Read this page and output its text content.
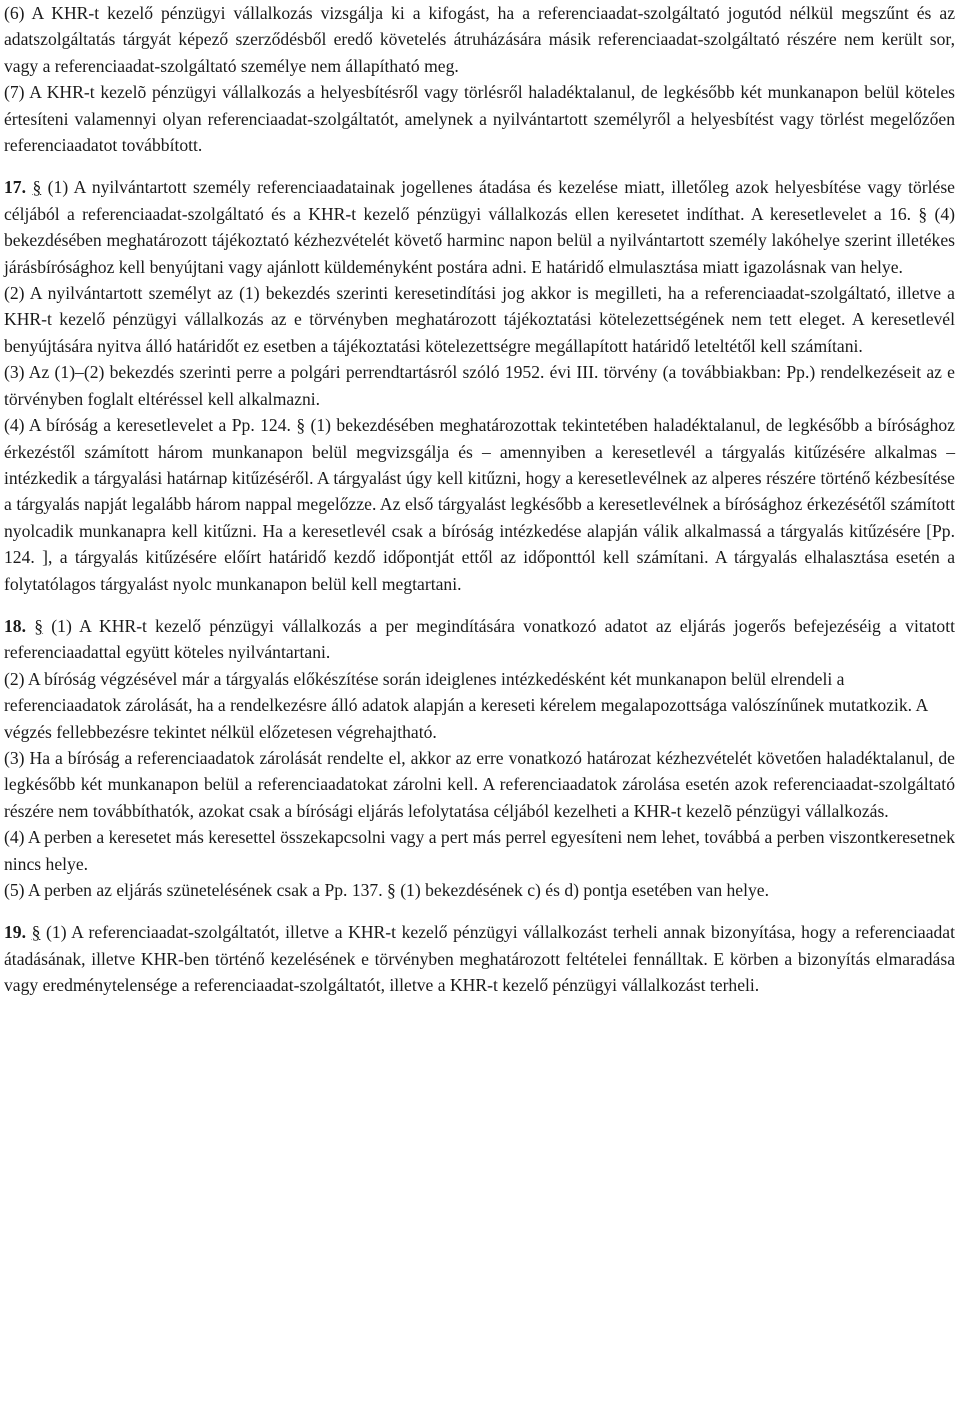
(6) A KHR-t kezelő pénzügyi vállalkozás vizsgálja ki a kifogást, ha a referenciaadat-szolgáltató jogutód nélkül megszűnt és az adatszolgáltatás tárgyát képező szerződésből eredő követelés átruházására másik referenciaadat-szolgáltató részére nem került sor, vagy a referenciaadat-szolgáltató személye nem állapítható meg.

(7) A KHR-t kezelõ pénzügyi vállalkozás a helyesbítésről vagy törlésről haladéktalanul, de legkésőbb két munkanapon belül köteles értesíteni valamennyi olyan referenciaadat-szolgáltatót, amelynek a nyilvántartott személyről a helyesbítést vagy törlést megelőzően referenciaadatot továbbított.

17. § (1) A nyilvántartott személy referenciaadatainak jogellenes átadása és kezelése miatt, illetőleg azok helyesbítése vagy törlése céljából a referenciaadat-szolgáltató és a KHR-t kezelő pénzügyi vállalkozás ellen keresetet indíthat. A keresetlevelet a 16. § (4) bekezdésében meghatározott tájékoztató kézhezvételét követő harminc napon belül a nyilvántartott személy lakóhelye szerint illetékes járásbírósághoz kell benyújtani vagy ajánlott küldeményként postára adni. E határidő elmulasztása miatt igazolásnak van helye.

(2) A nyilvántartott személyt az (1) bekezdés szerinti keresetindítási jog akkor is megilleti, ha a referenciaadat-szolgáltató, illetve a KHR-t kezelő pénzügyi vállalkozás az e törvényben meghatározott tájékoztatási kötelezettségének nem tett eleget. A keresetlevél benyújtására nyitva álló határidőt ez esetben a tájékoztatási kötelezettségre megállapított határidő leteltétől kell számítani.

(3) Az (1)–(2) bekezdés szerinti perre a polgári perrendtartásról szóló 1952. évi III. törvény (a továbbiakban: Pp.) rendelkezéseit az e törvényben foglalt eltéréssel kell alkalmazni.

(4) A bíróság a keresetlevelet a Pp. 124. § (1) bekezdésében meghatározottak tekintetében haladéktalanul, de legkésőbb a bírósághoz érkezéstől számított három munkanapon belül megvizsgálja és – amennyiben a keresetlevél a tárgyalás kitűzésére alkalmas – intézkedik a tárgyalási határnap kitűzéséről. A tárgyalást úgy kell kitűzni, hogy a keresetlevélnek az alperes részére történő kézbesítése a tárgyalás napját legalább három nappal megelőzze. Az első tárgyalást legkésőbb a keresetlevélnek a bírósághoz érkezésétől számított nyolcadik munkanapra kell kitűzni. Ha a keresetlevél csak a bíróság intézkedése alapján válik alkalmassá a tárgyalás kitűzésére [Pp. 124. ], a tárgyalás kitűzésére előírt határidő kezdő időpontját ettől az időponttól kell számítani. A tárgyalás elhalasztása esetén a folytatólagos tárgyalást nyolc munkanapon belül kell megtartani.

18. § (1) A KHR-t kezelő pénzügyi vállalkozás a per megindítására vonatkozó adatot az eljárás jogerős befejezéséig a vitatott referenciaadattal együtt köteles nyilvántartani.

(2) A bíróság végzésével már a tárgyalás előkészítése során ideiglenes intézkedésként két munkanapon belül elrendeli a referenciaadatok zárolását, ha a rendelkezésre álló adatok alapján a kereseti kérelem megalapozottsága valószínűnek mutatkozik. A végzés fellebbezésre tekintet nélkül előzetesen végrehajtható.

(3) Ha a bíróság a referenciaadatok zárolását rendelte el, akkor az erre vonatkozó határozat kézhezvételét követően haladéktalanul, de legkésőbb két munkanapon belül a referenciaadatokat zárolni kell. A referenciaadatok zárolása esetén azok referenciaadat-szolgáltató részére nem továbbíthatók, azokat csak a bírósági eljárás lefolytatása céljából kezelheti a KHR-t kezelõ pénzügyi vállalkozás.

(4) A perben a keresetet más keresettel összekapcsolni vagy a pert más perrel egyesíteni nem lehet, továbbá a perben viszontkeresetnek nincs helye.

(5) A perben az eljárás szünetelésének csak a Pp. 137. § (1) bekezdésének c) és d) pontja esetében van helye.

19. § (1) A referenciaadat-szolgáltatót, illetve a KHR-t kezelő pénzügyi vállalkozást terheli annak bizonyítása, hogy a referenciaadat átadásának, illetve KHR-ben történő kezelésének e törvényben meghatározott feltételei fennálltak. E körben a bizonyítás elmaradása vagy eredménytelensége a referenciaadat-szolgáltatót, illetve a KHR-t kezelő pénzügyi vállalkozást terheli.
